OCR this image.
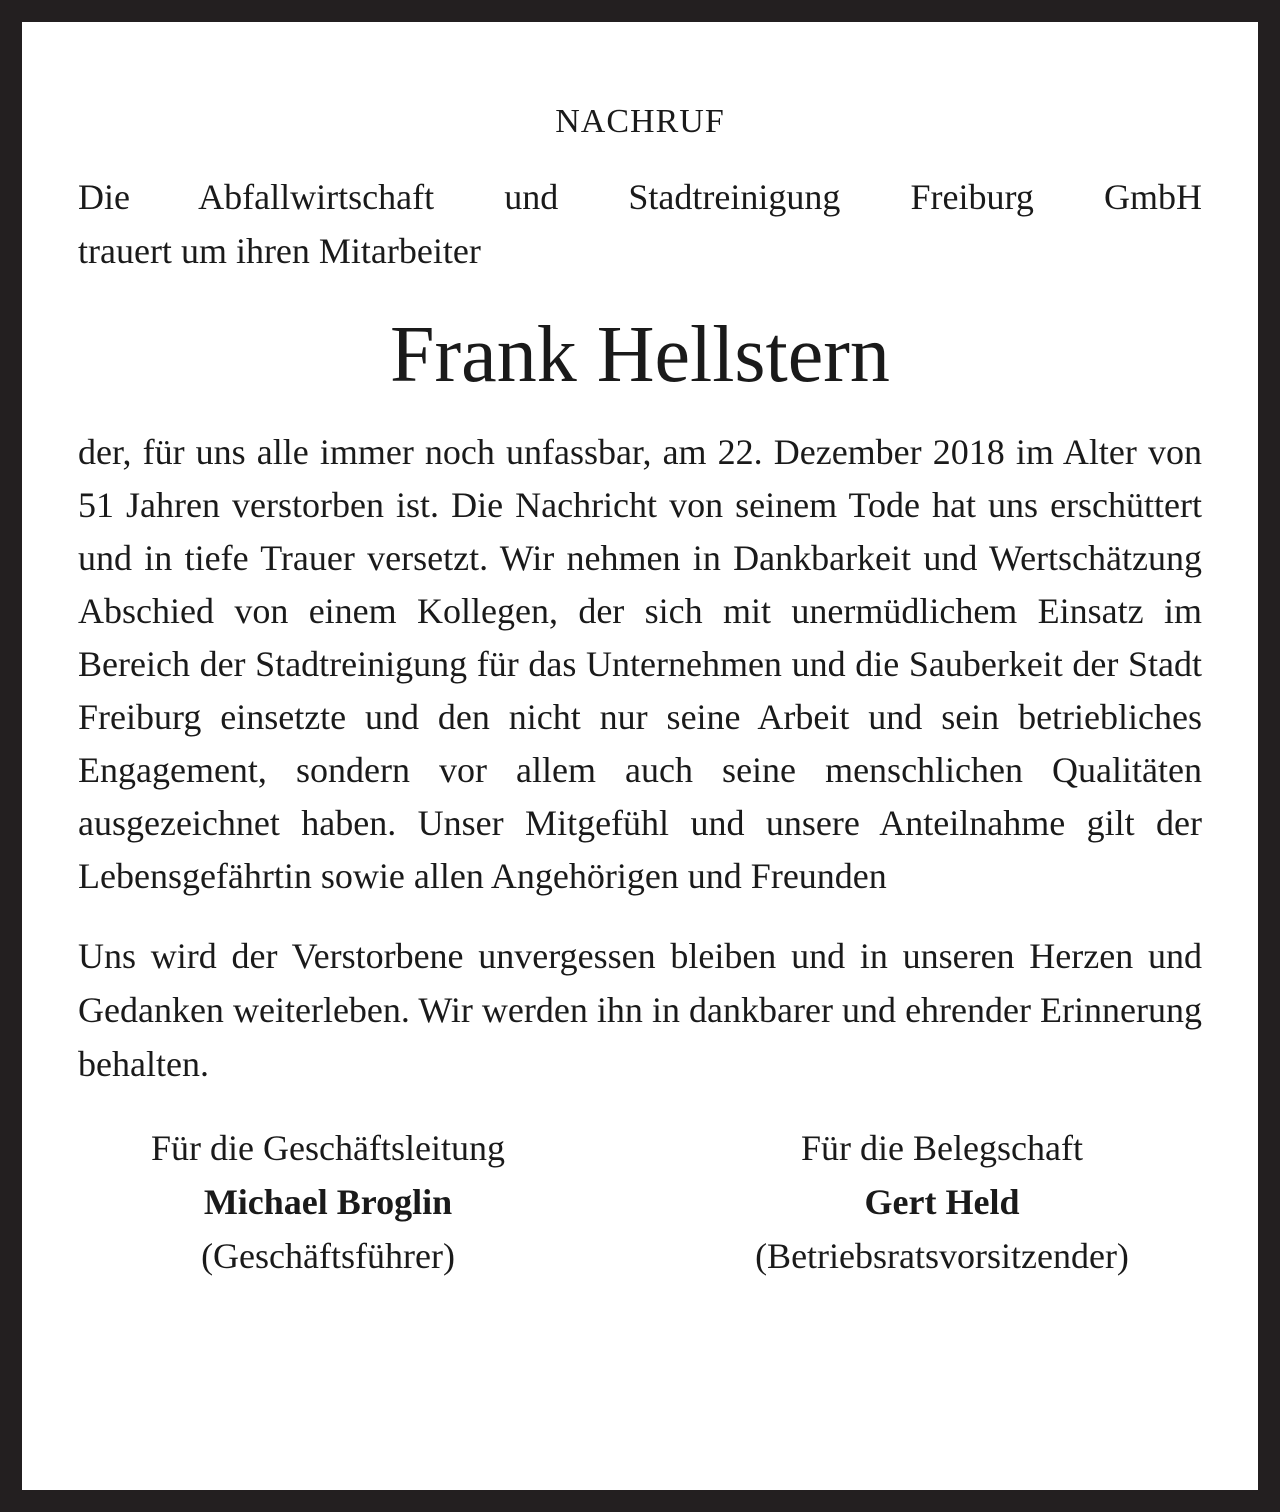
NACHRUF

Die Abfallwirtschaft und Stadtreinigung Freiburg GmbH
trauert um ihren Mitarbeiter

Frank Hellstern

der, für uns alle immer noch unfassbar, am 22. Dezember 2018 im Alter von 51 Jahren verstorben ist. Die Nachricht von seinem Tode hat uns erschüttert und in tiefe Trauer versetzt. Wir nehmen in Dankbarkeit und Wertschätzung Abschied von einem Kollegen, der sich mit unermüdlichem Einsatz im Bereich der Stadtreinigung für das Unternehmen und die Sauberkeit der Stadt Freiburg einsetzte und den nicht nur seine Arbeit und sein betriebliches Engagement, sondern vor allem auch seine menschlichen Qualitäten ausgezeichnet haben. Unser Mitgefühl und unsere Anteilnahme gilt der Lebensgefährtin sowie allen Angehörigen und Freunden

Uns wird der Verstorbene unvergessen bleiben und in unseren Herzen und Gedanken weiterleben. Wir werden ihn in dankbarer und ehrender Erinnerung behalten.

Für die Geschäftsleitung
Michael Broglin
(Geschäftsführer)
Für die Belegschaft
Gert Held
(Betriebsratsvorsitzender)
